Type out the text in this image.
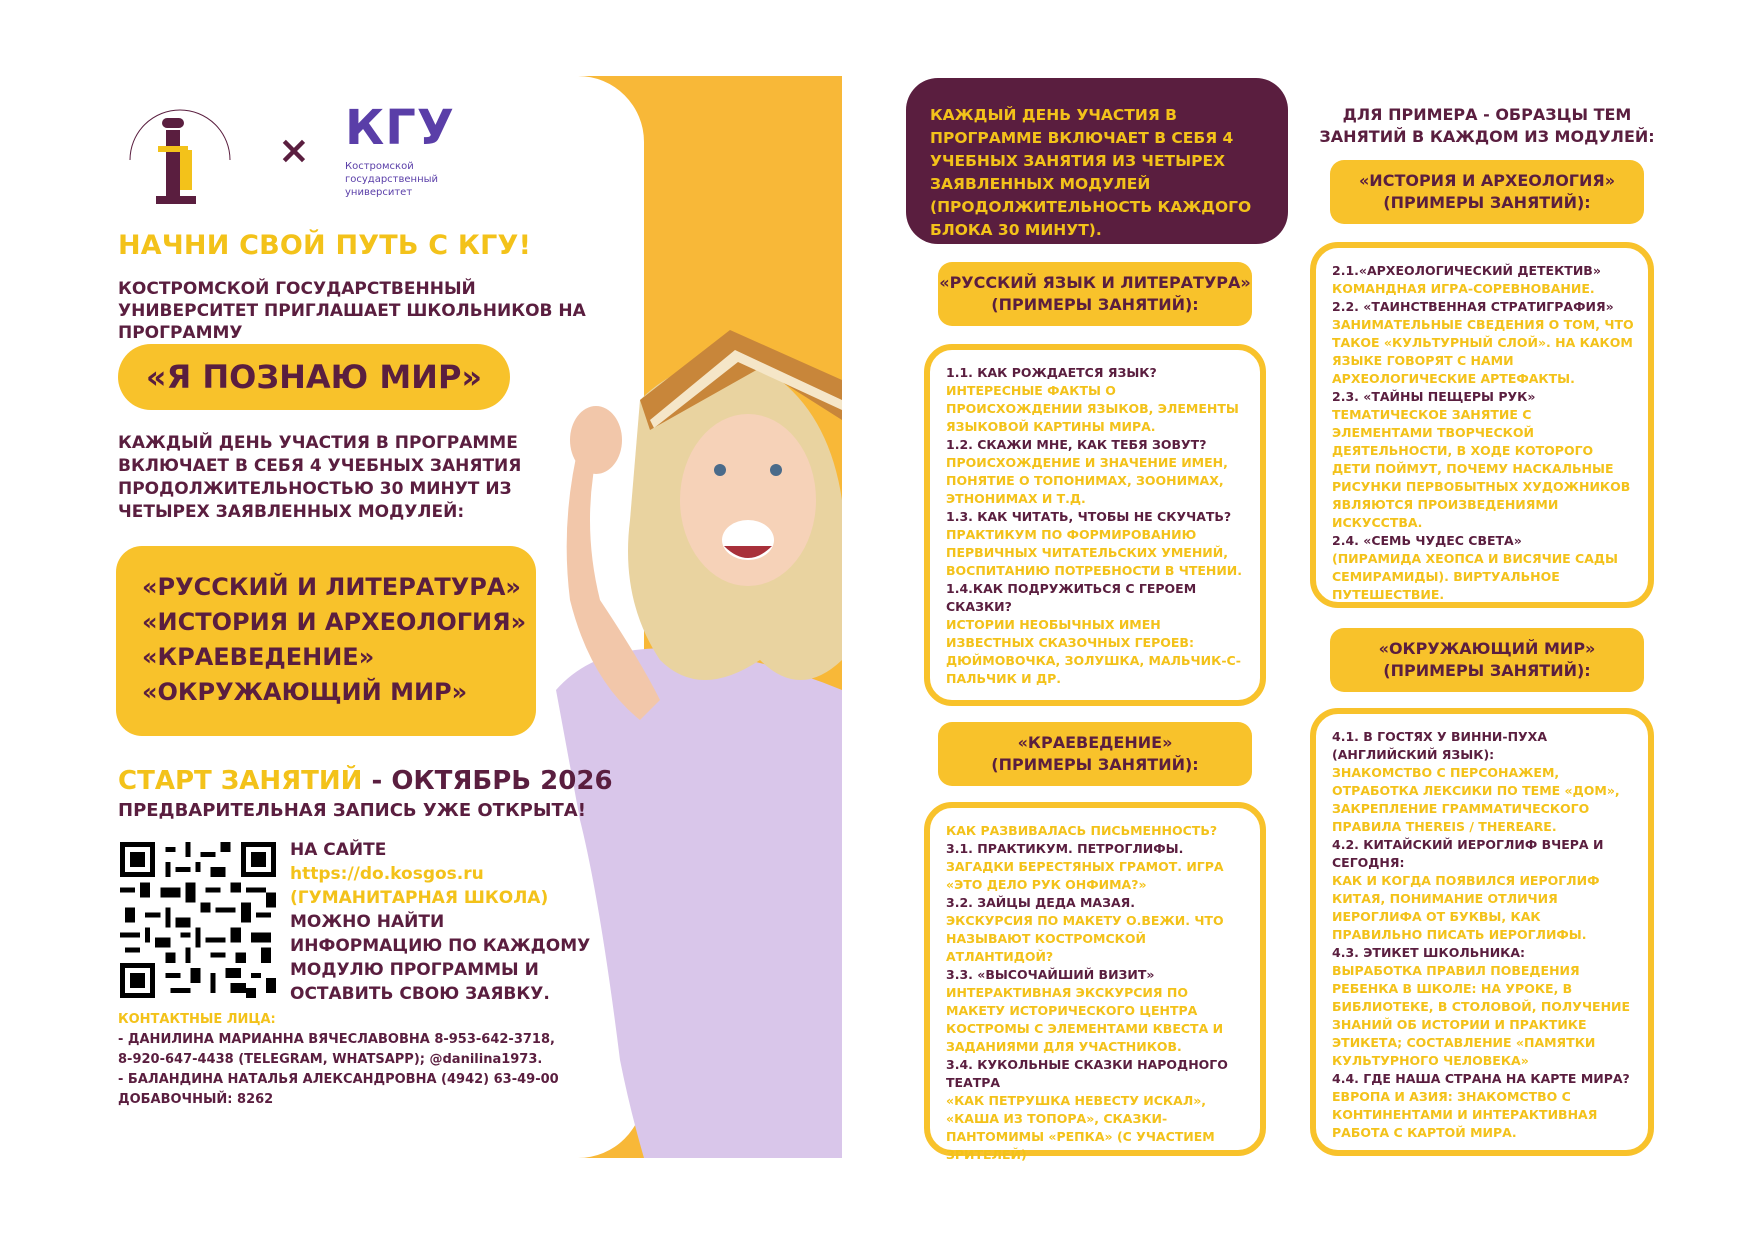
× КГУ
Костромской государственный университет
НАЧНИ СВОЙ ПУТЬ С КГУ!
КОСТРОМСКОЙ ГОСУДАРСТВЕННЫЙ УНИВЕРСИТЕТ ПРИГЛАШАЕТ ШКОЛЬНИКОВ НА ПРОГРАММУ
«Я ПОЗНАЮ МИР»
КАЖДЫЙ ДЕНЬ УЧАСТИЯ В ПРОГРАММЕ ВКЛЮЧАЕТ В СЕБЯ 4 УЧЕБНЫХ ЗАНЯТИЯ ПРОДОЛЖИТЕЛЬНОСТЬЮ 30 МИНУТ ИЗ ЧЕТЫРЕХ ЗАЯВЛЕННЫХ МОДУЛЕЙ:
«РУССКИЙ И ЛИТЕРАТУРА»
«ИСТОРИЯ И АРХЕОЛОГИЯ»
«КРАЕВЕДЕНИЕ»
«ОКРУЖАЮЩИЙ МИР»
СТАРТ ЗАНЯТИЙ - ОКТЯБРЬ 2026
ПРЕДВАРИТЕЛЬНАЯ ЗАПИСЬ УЖЕ ОТКРЫТА!
НА САЙТЕ
https://do.kosgos.ru
(ГУМАНИТАРНАЯ ШКОЛА)
МОЖНО НАЙТИ
ИНФОРМАЦИЮ ПО КАЖДОМУ
МОДУЛЮ ПРОГРАММЫ И
ОСТАВИТЬ СВОЮ ЗАЯВКУ.
КОНТАКТНЫЕ ЛИЦА:
- ДАНИЛИНА МАРИАННА ВЯЧЕСЛАВОВНА 8-953-642-3718,
8-920-647-4438 (TELEGRAM, WHATSAPP); @danilina1973.
- БАЛАНДИНА НАТАЛЬЯ АЛЕКСАНДРОВНА (4942) 63-49-00
ДОБАВОЧНЫЙ: 8262
КАЖДЫЙ ДЕНЬ УЧАСТИЯ В ПРОГРАММЕ ВКЛЮЧАЕТ В СЕБЯ 4 УЧЕБНЫХ ЗАНЯТИЯ ИЗ ЧЕТЫРЕХ ЗАЯВЛЕННЫХ МОДУЛЕЙ (ПРОДОЛЖИТЕЛЬНОСТЬ КАЖДОГО БЛОКА 30 МИНУТ).
ДЛЯ ПРИМЕРА - ОБРАЗЦЫ ТЕМ ЗАНЯТИЙ В КАЖДОМ ИЗ МОДУЛЕЙ:
«РУССКИЙ ЯЗЫК И ЛИТЕРАТУРА»
(ПРИМЕРЫ ЗАНЯТИЙ):

1.1. КАК РОЖДАЕТСЯ ЯЗЫК?

ИНТЕРЕСНЫЕ ФАКТЫ О ПРОИСХОЖДЕНИИ ЯЗЫКОВ, ЭЛЕМЕНТЫ ЯЗЫКОВОЙ КАРТИНЫ МИРА.

1.2. СКАЖИ МНЕ, КАК ТЕБЯ ЗОВУТ?

ПРОИСХОЖДЕНИЕ И ЗНАЧЕНИЕ ИМЕН, ПОНЯТИЕ О ТОПОНИМАХ, ЗООНИМАХ, ЭТНОНИМАХ И Т.Д.

1.3. КАК ЧИТАТЬ, ЧТОБЫ НЕ СКУЧАТЬ?

ПРАКТИКУМ ПО ФОРМИРОВАНИЮ ПЕРВИЧНЫХ ЧИТАТЕЛЬСКИХ УМЕНИЙ, ВОСПИТАНИЮ ПОТРЕБНОСТИ В ЧТЕНИИ.

1.4.КАК ПОДРУЖИТЬСЯ С ГЕРОЕМ СКАЗКИ?

ИСТОРИИ НЕОБЫЧНЫХ ИМЕН ИЗВЕСТНЫХ СКАЗОЧНЫХ ГЕРОЕВ: ДЮЙМОВОЧКА, ЗОЛУШКА, МАЛЬЧИК-С-ПАЛЬЧИК И ДР.

«КРАЕВЕДЕНИЕ»
(ПРИМЕРЫ ЗАНЯТИЙ):

КАК РАЗВИВАЛАСЬ ПИСЬМЕННОСТЬ?

3.1. ПРАКТИКУМ. ПЕТРОГЛИФЫ.

ЗАГАДКИ БЕРЕСТЯНЫХ ГРАМОТ. ИГРА «ЭТО ДЕЛО РУК ОНФИМА?»

3.2. ЗАЙЦЫ ДЕДА МАЗАЯ.

ЭКСКУРСИЯ ПО МАКЕТУ О.ВЕЖИ. ЧТО НАЗЫВАЮТ КОСТРОМСКОЙ АТЛАНТИДОЙ?

3.3. «ВЫСОЧАЙШИЙ ВИЗИТ»

ИНТЕРАКТИВНАЯ ЭКСКУРСИЯ ПО МАКЕТУ ИСТОРИЧЕСКОГО ЦЕНТРА КОСТРОМЫ С ЭЛЕМЕНТАМИ КВЕСТА И ЗАДАНИЯМИ ДЛЯ УЧАСТНИКОВ.

3.4. КУКОЛЬНЫЕ СКАЗКИ НАРОДНОГО ТЕАТРА

«КАК ПЕТРУШКА НЕВЕСТУ ИСКАЛ», «КАША ИЗ ТОПОРА», СКАЗКИ-ПАНТОМИМЫ «РЕПКА» (С УЧАСТИЕМ ЗРИТЕЛЕЙ)

«ИСТОРИЯ И АРХЕОЛОГИЯ»
(ПРИМЕРЫ ЗАНЯТИЙ):

2.1.«АРХЕОЛОГИЧЕСКИЙ ДЕТЕКТИВ»

КОМАНДНАЯ ИГРА-СОРЕВНОВАНИЕ.

2.2. «ТАИНСТВЕННАЯ СТРАТИГРАФИЯ»

ЗАНИМАТЕЛЬНЫЕ СВЕДЕНИЯ О ТОМ, ЧТО ТАКОЕ «КУЛЬТУРНЫЙ СЛОЙ». НА КАКОМ ЯЗЫКЕ ГОВОРЯТ С НАМИ АРХЕОЛОГИЧЕСКИЕ АРТЕФАКТЫ.

2.3. «ТАЙНЫ ПЕЩЕРЫ РУК»

ТЕМАТИЧЕСКОЕ ЗАНЯТИЕ С ЭЛЕМЕНТАМИ ТВОРЧЕСКОЙ ДЕЯТЕЛЬНОСТИ, В ХОДЕ КОТОРОГО ДЕТИ ПОЙМУТ, ПОЧЕМУ НАСКАЛЬНЫЕ РИСУНКИ ПЕРВОБЫТНЫХ ХУДОЖНИКОВ ЯВЛЯЮТСЯ ПРОИЗВЕДЕНИЯМИ ИСКУССТВА.

2.4. «СЕМЬ ЧУДЕС СВЕТА»

(ПИРАМИДА ХЕОПСА И ВИСЯЧИЕ САДЫ СЕМИРАМИДЫ). ВИРТУАЛЬНОЕ ПУТЕШЕСТВИЕ.

«ОКРУЖАЮЩИЙ МИР»
(ПРИМЕРЫ ЗАНЯТИЙ):

4.1. В ГОСТЯХ У ВИННИ-ПУХА (АНГЛИЙСКИЙ ЯЗЫК):

ЗНАКОМСТВО С ПЕРСОНАЖЕМ, ОТРАБОТКА ЛЕКСИКИ ПО ТЕМЕ «ДОМ», ЗАКРЕПЛЕНИЕ ГРАММАТИЧЕСКОГО ПРАВИЛА THEREIS / THEREARE.

4.2. КИТАЙСКИЙ ИЕРОГЛИФ ВЧЕРА И СЕГОДНЯ:

КАК И КОГДА ПОЯВИЛСЯ ИЕРОГЛИФ КИТАЯ, ПОНИМАНИЕ ОТЛИЧИЯ ИЕРОГЛИФА ОТ БУКВЫ, КАК ПРАВИЛЬНО ПИСАТЬ ИЕРОГЛИФЫ.

4.3. ЭТИКЕТ ШКОЛЬНИКА:

ВЫРАБОТКА ПРАВИЛ ПОВЕДЕНИЯ РЕБЕНКА В ШКОЛЕ: НА УРОКЕ, В БИБЛИОТЕКЕ, В СТОЛОВОЙ, ПОЛУЧЕНИЕ ЗНАНИЙ ОБ ИСТОРИИ И ПРАКТИКЕ ЭТИКЕТА; СОСТАВЛЕНИЕ «ПАМЯТКИ КУЛЬТУРНОГО ЧЕЛОВЕКА»

4.4. ГДЕ НАША СТРАНА НА КАРТЕ МИРА?

ЕВРОПА И АЗИЯ: ЗНАКОМСТВО С КОНТИНЕНТАМИ И ИНТЕРАКТИВНАЯ РАБОТА С КАРТОЙ МИРА.
